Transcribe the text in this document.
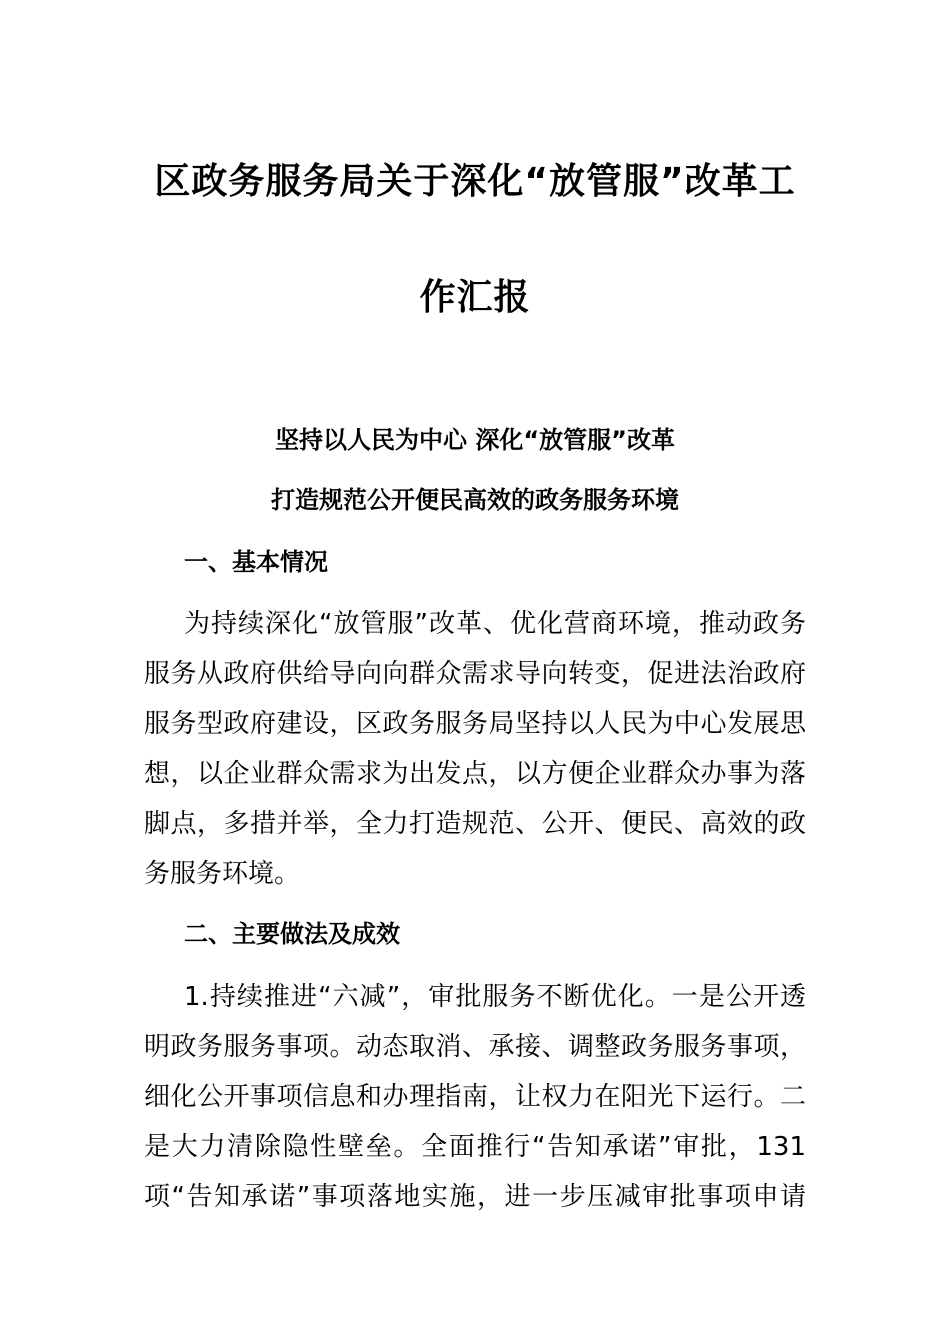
区政务服务局关于深化“放管服”改革工
作汇报
坚持以人民为中心 深化“放管服”改革
打造规范公开便民高效的政务服务环境
一、基本情况
为持续深化“放管服”改革、优化营商环境，推动政务
服务从政府供给导向向群众需求导向转变，促进法治政府
服务型政府建设，区政务服务局坚持以人民为中心发展思
想，以企业群众需求为出发点，以方便企业群众办事为落
脚点，多措并举，全力打造规范、公开、便民、高效的政
务服务环境。
二、主要做法及成效
1.持续推进“六减”，审批服务不断优化。一是公开透
明政务服务事项。动态取消、承接、调整政务服务事项，
细化公开事项信息和办理指南，让权力在阳光下运行。二
是大力清除隐性壁垒。全面推行“告知承诺”审批，131
项“告知承诺”事项落地实施，进一步压减审批事项申请
